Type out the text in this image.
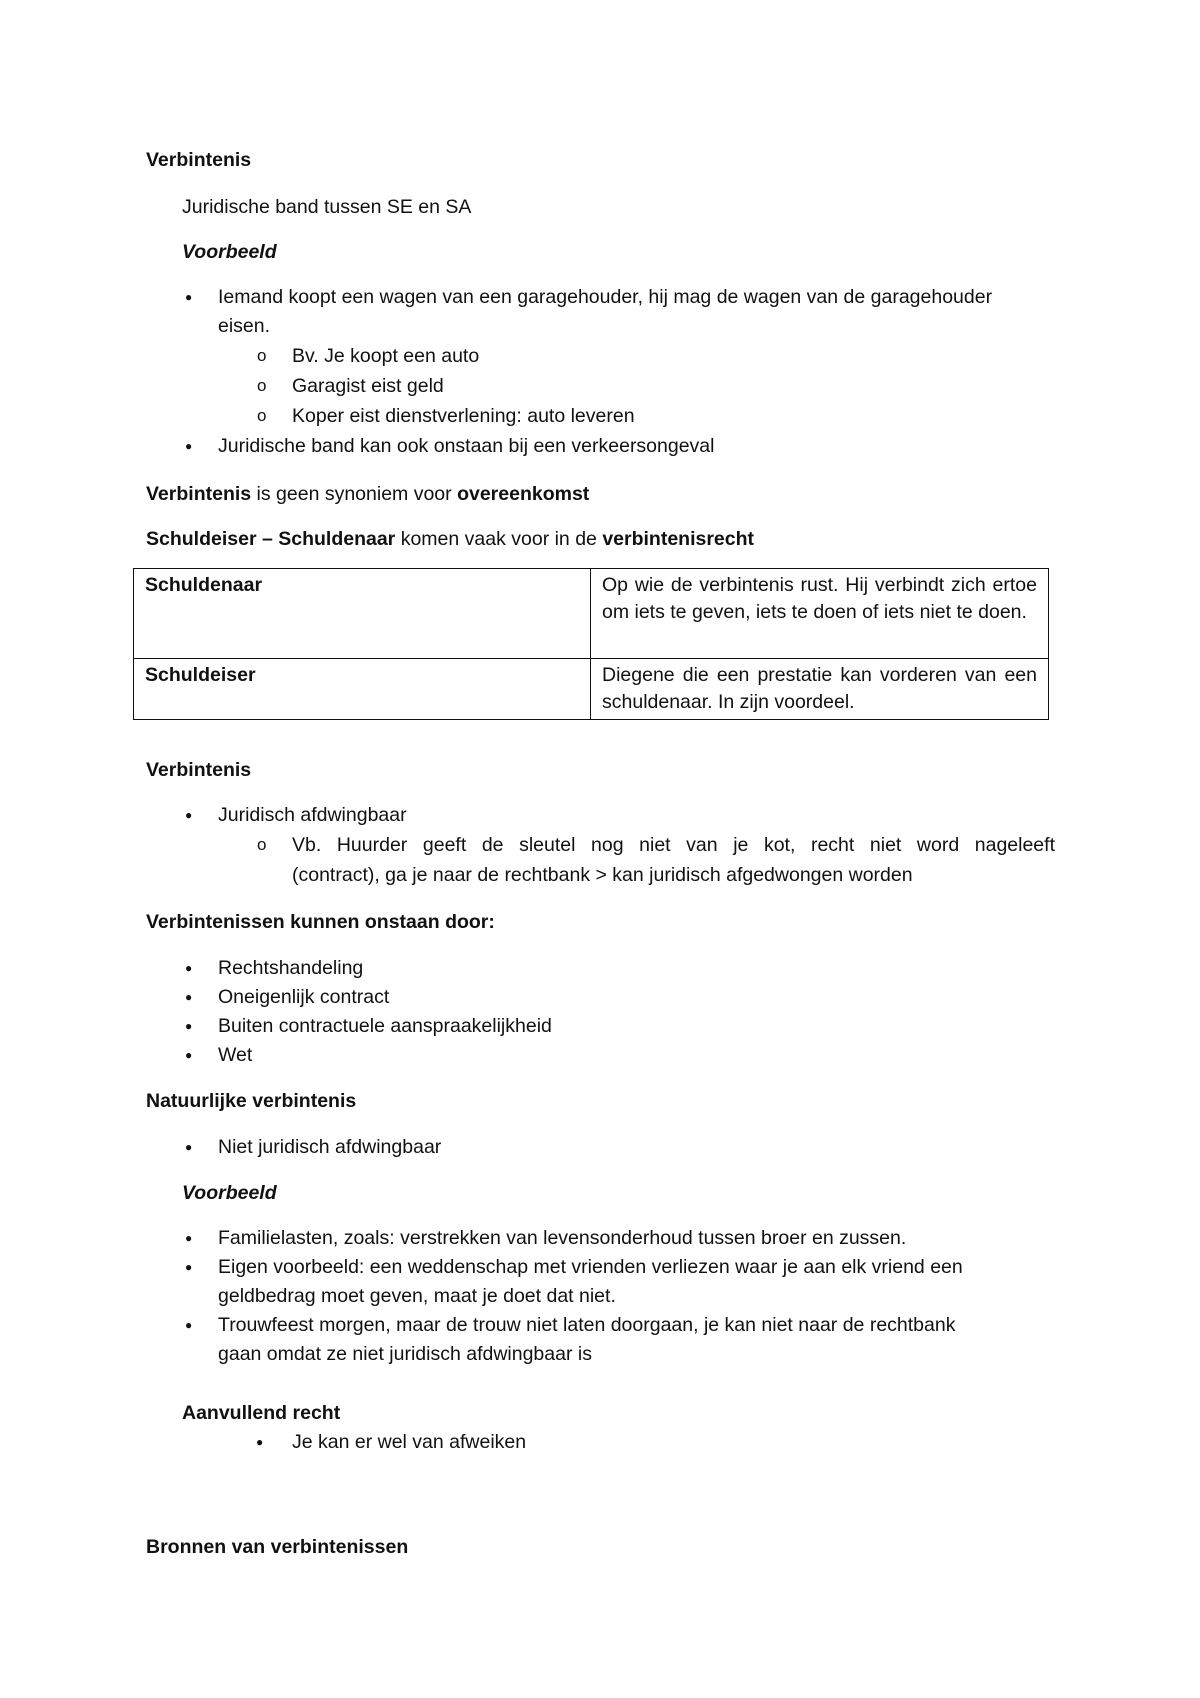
Verbintenis
Juridische band tussen SE en SA
Voorbeeld
● Iemand koopt een wagen van een garagehouder, hij mag de wagen van de garagehouder
eisen.
o Bv. Je koopt een auto
o Garagist eist geld
o Koper eist dienstverlening: auto leveren
● Juridische band kan ook onstaan bij een verkeersongeval
Verbintenis is geen synoniem voor overeenkomst
Schuldeiser – Schuldenaar komen vaak voor in de verbintenisrecht
Schuldenaar	Op wie de verbintenis rust. Hij verbindt zich ertoe om iets te geven, iets te doen of iets niet te doen.
Schuldeiser	Diegene die een prestatie kan vorderen van een schuldenaar. In zijn voordeel.
Verbintenis
● Juridisch afdwingbaar
o Vb. Huurder geeft de sleutel nog niet van je kot, recht niet word nageleeft
(contract), ga je naar de rechtbank > kan juridisch afgedwongen worden
Verbintenissen kunnen onstaan door:
● Rechtshandeling
● Oneigenlijk contract
● Buiten contractuele aanspraakelijkheid
● Wet
Natuurlijke verbintenis
● Niet juridisch afdwingbaar
Voorbeeld
● Familielasten, zoals: verstrekken van levensonderhoud tussen broer en zussen.
● Eigen voorbeeld: een weddenschap met vrienden verliezen waar je aan elk vriend een
geldbedrag moet geven, maat je doet dat niet.
● Trouwfeest morgen, maar de trouw niet laten doorgaan, je kan niet naar de rechtbank
gaan omdat ze niet juridisch afdwingbaar is
Aanvullend recht
● Je kan er wel van afweiken
Bronnen van verbintenissen
